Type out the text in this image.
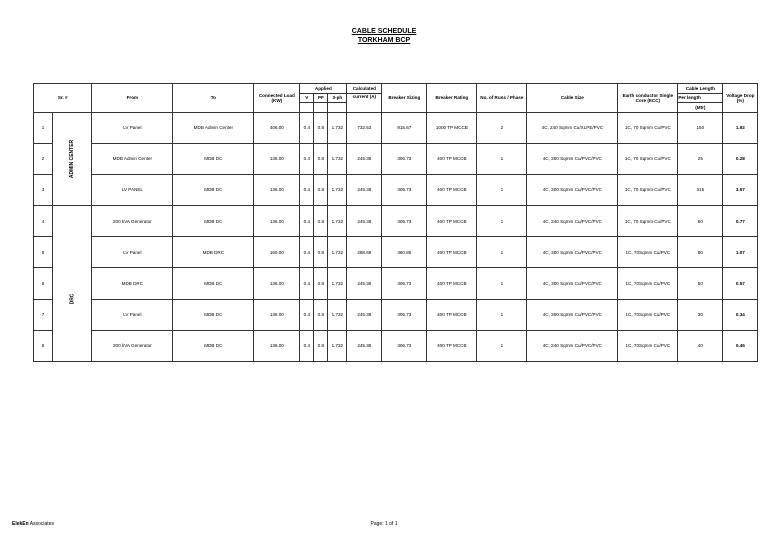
CABLE SCHEDULE
TORKHAM BCP
Sr. #		From	To	Connected Load (KW)	Applied			Calculated	Breaker Sizing	Breaker Rating	No. of Runs / Phase	Cable Size	Earth conductor Single Core (ECC)	Cable Length	Voltage Drop (%)
					V	PF	3-ph	current (A)						Per length	
														(Mtr)	
1	ADMIN CENTER	LV Panel	MDB Admin Center	406.00	0.4	0.8	1.732	732.53	915.67	1000 TP MCCB	2	4C, 240 Sqmm Cu/XLPE/PVC	1C, 70 Sqmm Cu/PVC	150	1.92
2		MDB Admin Center	MDB DC	136.00	0.4	0.8	1.732	245.38	306.73	400 TP MCCB	1	4C, 300 Sqmm Cu/PVC/PVC	1C, 70 Sqmm Cu/PVC	25	0.28
3		LV PANEL	MDB DC	136.00	0.4	0.8	1.732	245.38	306.73	400 TP MCCB	1	4C, 300 Sqmm Cu/PVC/PVC	1C, 70 Sqmm Cu/PVC	315	3.57
4		200 kVA Generator	MDB DC	136.00	0.4	0.8	1.732	245.38	306.73	400 TP MCCB	1	4C, 240 Sqmm Cu/PVC/PVC	1C, 70 Sqmm Cu/PVC	60	0.77
5	DRC	LV Panel	MDB DRC	160.00	0.4	0.8	1.732	288.68	360.85	400 TP MCCB	1	4C, 300 Sqmm Cu/PVC/PVC	1C, 70Sqmm Cu/PVC	80	1.07
6		MDB DRC	MDB DC	136.00	0.4	0.8	1.732	245.38	306.73	400 TP MCCB	1	4C, 300 Sqmm Cu/PVC/PVC	1C, 70Sqmm Cu/PVC	50	0.57
7		LV Panel	MDB DC	136.00	0.4	0.8	1.732	245.38	306.73	400 TP MCCB	1	4C, 300 Sqmm Cu/PVC/PVC	1C, 70Sqmm Cu/PVC	30	0.34
8		200 kVA Generator	MDB DC	136.00	0.4	0.8	1.732	245.38	306.73	400 TP MCCB	1	4C, 240 Sqmm Cu/PVC/PVC	1C, 70Sqmm Cu/PVC	40	0.45
ElekEn Associates	Page: 1 of 1
